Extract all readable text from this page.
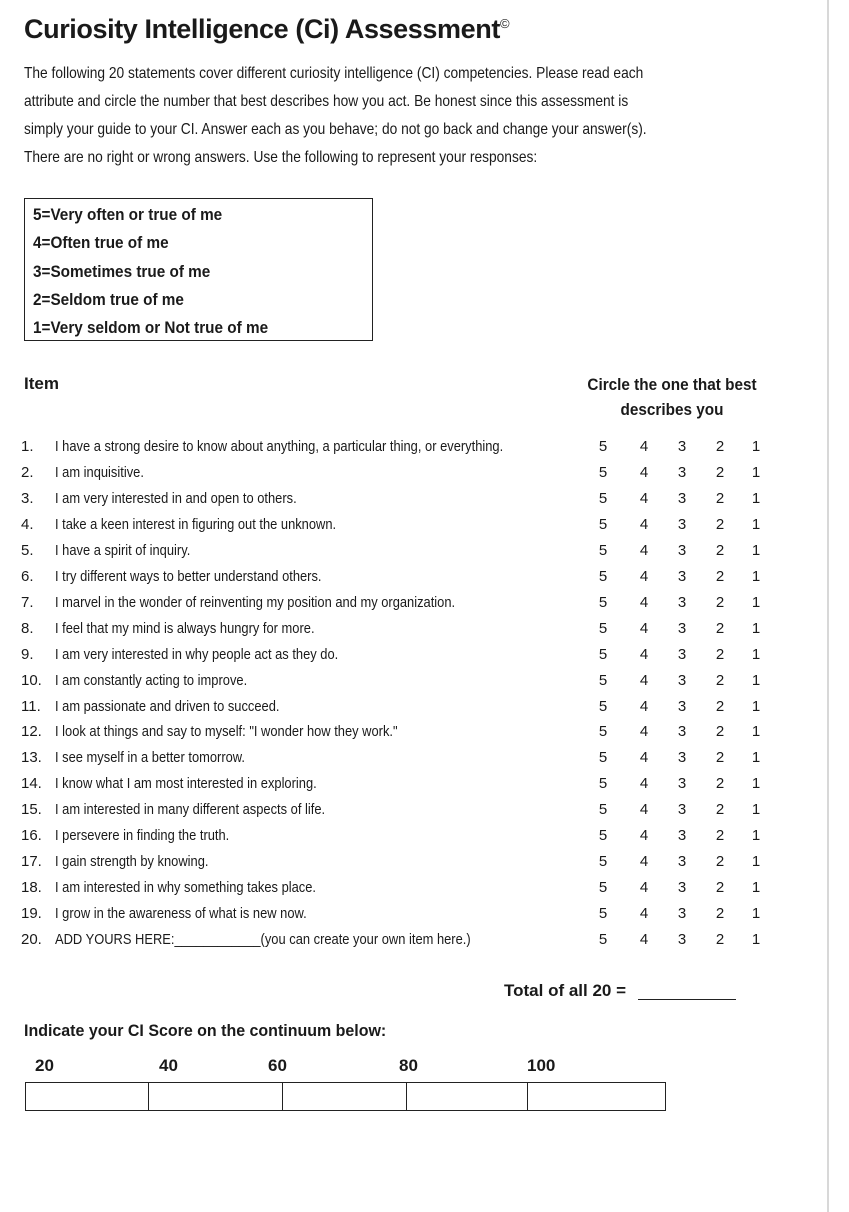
Curiosity Intelligence (Ci) Assessment©
The following 20 statements cover different curiosity intelligence (CI) competencies. Please read each
attribute and circle the number that best describes how you act. Be honest since this assessment is
simply your guide to your CI. Answer each as you behave; do not go back and change your answer(s).
There are no right or wrong answers. Use the following to represent your responses:
5=Very often or true of me
4=Often true of me
3=Sometimes true of me
2=Seldom true of me
1=Very seldom or Not true of me
Item	Circle the one that best
describes you
1. I have a strong desire to know about anything, a particular thing, or everything.	5 4 3 2 1
2. I am inquisitive.	5 4 3 2 1
3. I am very interested in and open to others.	5 4 3 2 1
4. I take a keen interest in figuring out the unknown.	5 4 3 2 1
5. I have a spirit of inquiry.	5 4 3 2 1
6. I try different ways to better understand others.	5 4 3 2 1
7. I marvel in the wonder of reinventing my position and my organization.	5 4 3 2 1
8. I feel that my mind is always hungry for more.	5 4 3 2 1
9. I am very interested in why people act as they do.	5 4 3 2 1
10. I am constantly acting to improve.	5 4 3 2 1
11. I am passionate and driven to succeed.	5 4 3 2 1
12. I look at things and say to myself: "I wonder how they work."	5 4 3 2 1
13. I see myself in a better tomorrow.	5 4 3 2 1
14. I know what I am most interested in exploring.	5 4 3 2 1
15. I am interested in many different aspects of life.	5 4 3 2 1
16. I persevere in finding the truth.	5 4 3 2 1
17. I gain strength by knowing.	5 4 3 2 1
18. I am interested in why something takes place.	5 4 3 2 1
19. I grow in the awareness of what is new now.	5 4 3 2 1
20. ADD YOURS HERE:____________(you can create your own item here.)	5 4 3 2 1
Total of all 20 =
Indicate your CI Score on the continuum below:
20	40	60	80	100
